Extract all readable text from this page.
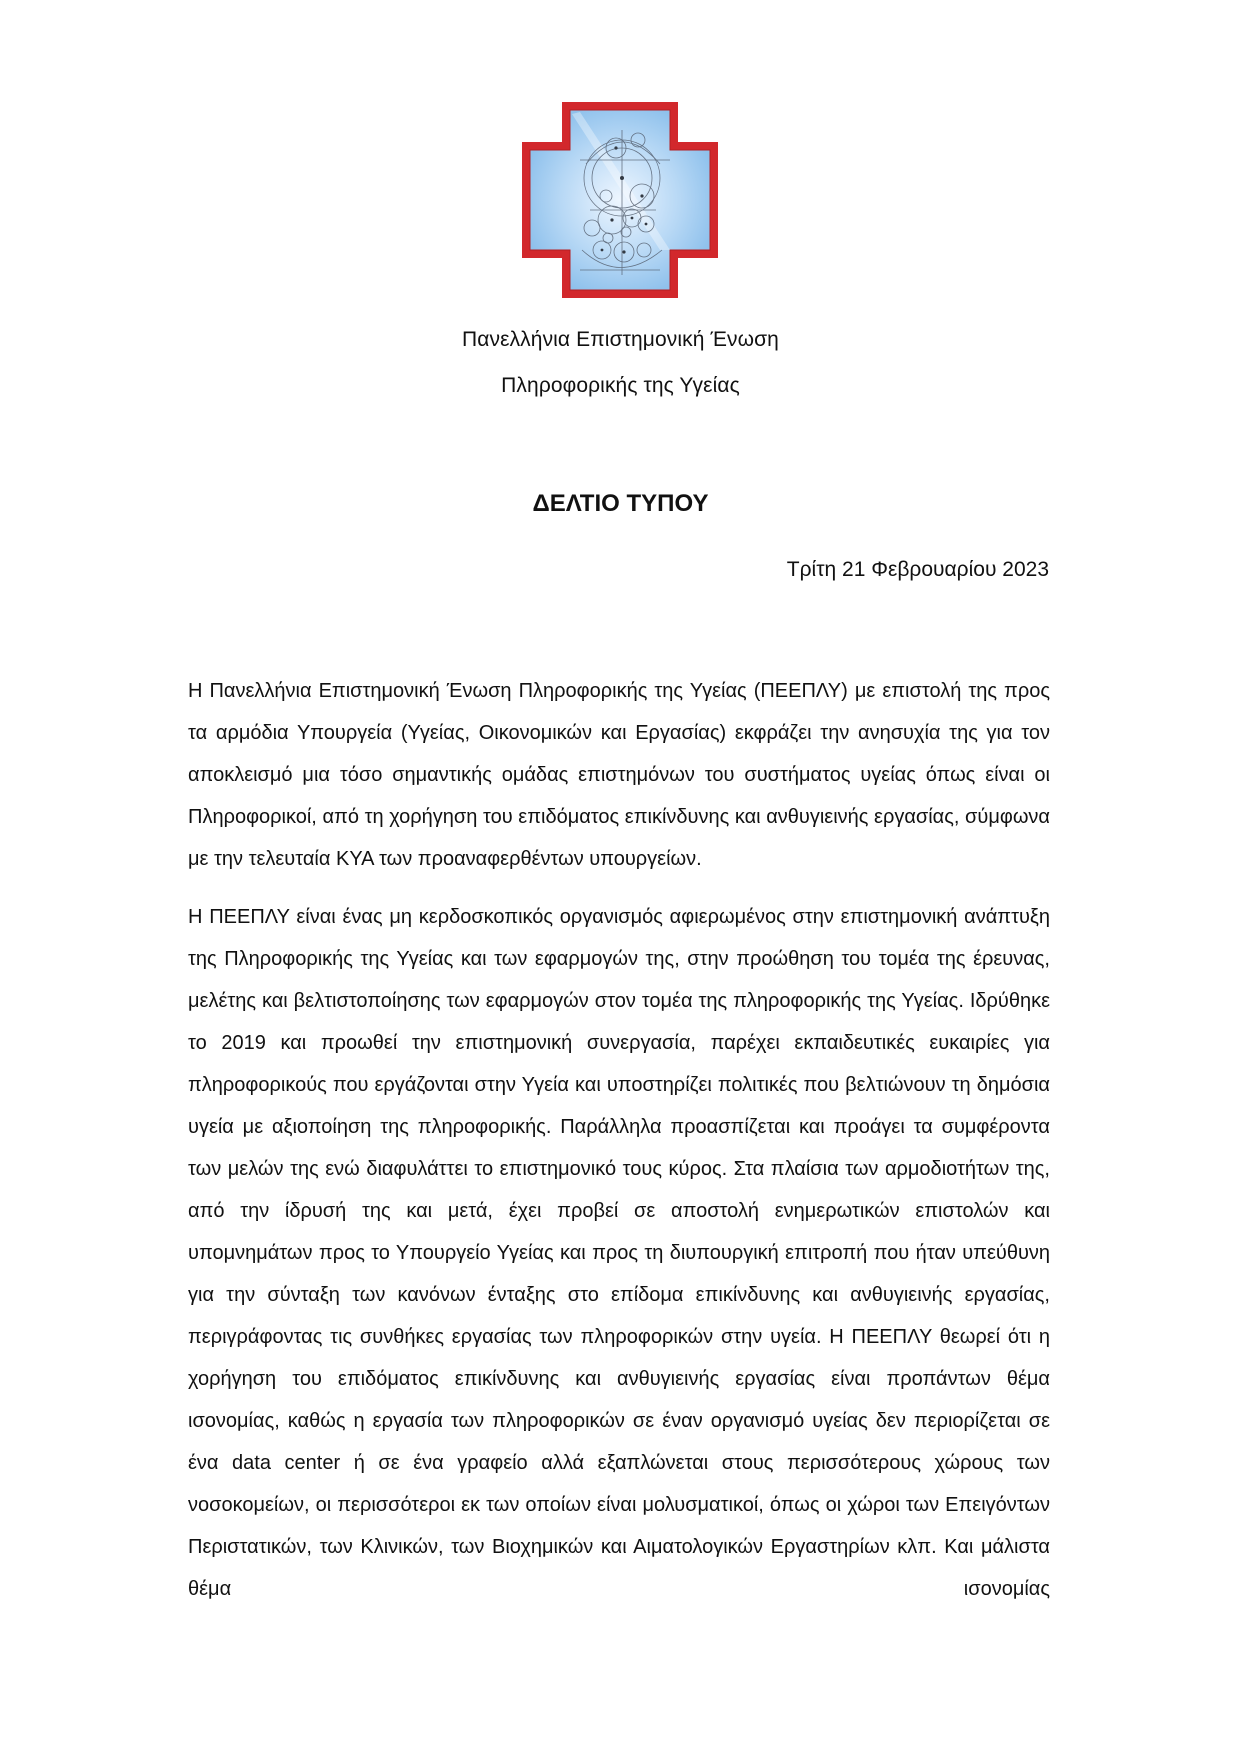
Πανελλήνια Επιστημονική Ένωση
Πληροφορικής της Υγείας
ΔΕΛΤΙΟ ΤΥΠΟΥ
Τρίτη 21 Φεβρουαρίου 2023

Η Πανελλήνια Επιστημονική Ένωση Πληροφορικής της Υγείας (ΠΕΕΠΛΥ) με επιστολή της προς τα αρμόδια Υπουργεία (Υγείας, Οικονομικών και Εργασίας) εκφράζει την ανησυχία της για τον αποκλεισμό μια τόσο σημαντικής ομάδας επιστημόνων του συστήματος υγείας όπως είναι οι Πληροφορικοί, από τη χορήγηση του επιδόματος επικίνδυνης και ανθυγιεινής εργασίας, σύμφωνα με την τελευταία ΚΥΑ των προαναφερθέντων υπουργείων.

Η ΠΕΕΠΛΥ είναι ένας μη κερδοσκοπικός οργανισμός αφιερωμένος στην επιστημονική ανάπτυξη της Πληροφορικής της Υγείας και των εφαρμογών της, στην προώθηση του τομέα της έρευνας, μελέτης και βελτιστοποίησης των εφαρμογών στον τομέα της πληροφορικής της Υγείας. Ιδρύθηκε το 2019 και προωθεί την επιστημονική συνεργασία, παρέχει εκπαιδευτικές ευκαιρίες για πληροφορικούς που εργάζονται στην Υγεία και υποστηρίζει πολιτικές που βελτιώνουν τη δημόσια υγεία με αξιοποίηση της πληροφορικής. Παράλληλα προασπίζεται και προάγει τα συμφέροντα των μελών της ενώ διαφυλάττει το επιστημονικό τους κύρος. Στα πλαίσια των αρμοδιοτήτων της, από την ίδρυσή της και μετά, έχει προβεί σε αποστολή ενημερωτικών επιστολών και υπομνημάτων προς το Υπουργείο Υγείας και προς τη διυπουργική επιτροπή που ήταν υπεύθυνη για την σύνταξη των κανόνων ένταξης στο επίδομα επικίνδυνης και ανθυγιεινής εργασίας, περιγράφοντας τις συνθήκες εργασίας των πληροφορικών στην υγεία. Η ΠΕΕΠΛΥ θεωρεί ότι η χορήγηση του επιδόματος επικίνδυνης και ανθυγιεινής εργασίας είναι προπάντων θέμα ισονομίας, καθώς η εργασία των πληροφορικών σε έναν οργανισμό υγείας δεν περιορίζεται σε ένα data center ή σε ένα γραφείο αλλά εξαπλώνεται στους περισσότερους χώρους των νοσοκομείων, οι περισσότεροι εκ των οποίων είναι μολυσματικοί, όπως οι χώροι των Επειγόντων Περιστατικών, των Κλινικών, των Βιοχημικών και Αιματολογικών Εργαστηρίων κλπ. Και μάλιστα θέμα ισονομίας
